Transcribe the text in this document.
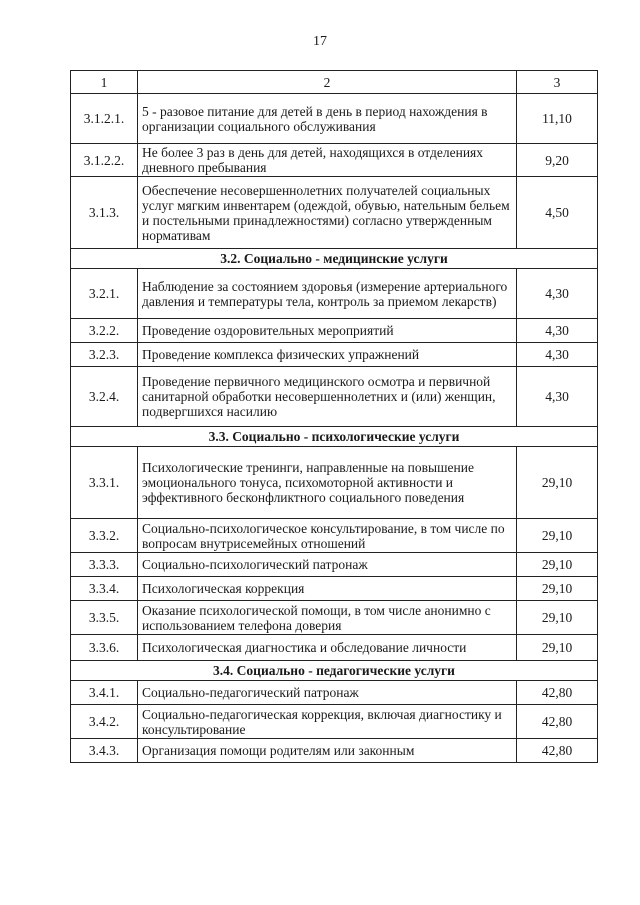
17
1	2	3
3.1.2.1.	5 - разовое питание для детей в день в период нахождения в организации социального обслуживания	11,10
3.1.2.2.	Не более 3 раз в день для детей, находящихся в отделениях дневного пребывания	9,20
3.1.3.	Обеспечение несовершеннолетних получателей социальных услуг мягким инвентарем (одеждой, обувью, нательным бельем и постельными принадлежностями) согласно утвержденным нормативам	4,50
3.2. Социально - медицинские услуги		
3.2.1.	Наблюдение за состоянием здоровья (измерение артериального давления и температуры тела, контроль за приемом лекарств)	4,30
3.2.2.	Проведение оздоровительных мероприятий	4,30
3.2.3.	Проведение комплекса физических упражнений	4,30
3.2.4.	Проведение первичного медицинского осмотра и первичной санитарной обработки несовершеннолетних и (или) женщин, подвергшихся насилию	4,30
3.3. Социально - психологические услуги		
3.3.1.	Психологические тренинги, направленные на повышение эмоционального тонуса, психомоторной активности и эффективного бесконфликтного социального поведения	29,10
3.3.2.	Социально-психологическое консультирование, в том числе по вопросам внутрисемейных отношений	29,10
3.3.3.	Социально-психологический патронаж	29,10
3.3.4.	Психологическая коррекция	29,10
3.3.5.	Оказание психологической помощи, в том числе анонимно с использованием телефона доверия	29,10
3.3.6.	Психологическая диагностика и обследование личности	29,10
3.4. Социально - педагогические услуги		
3.4.1.	Социально-педагогический патронаж	42,80
3.4.2.	Социально-педагогическая коррекция, включая диагностику и консультирование	42,80
3.4.3.	Организация помощи родителям или законным	42,80
